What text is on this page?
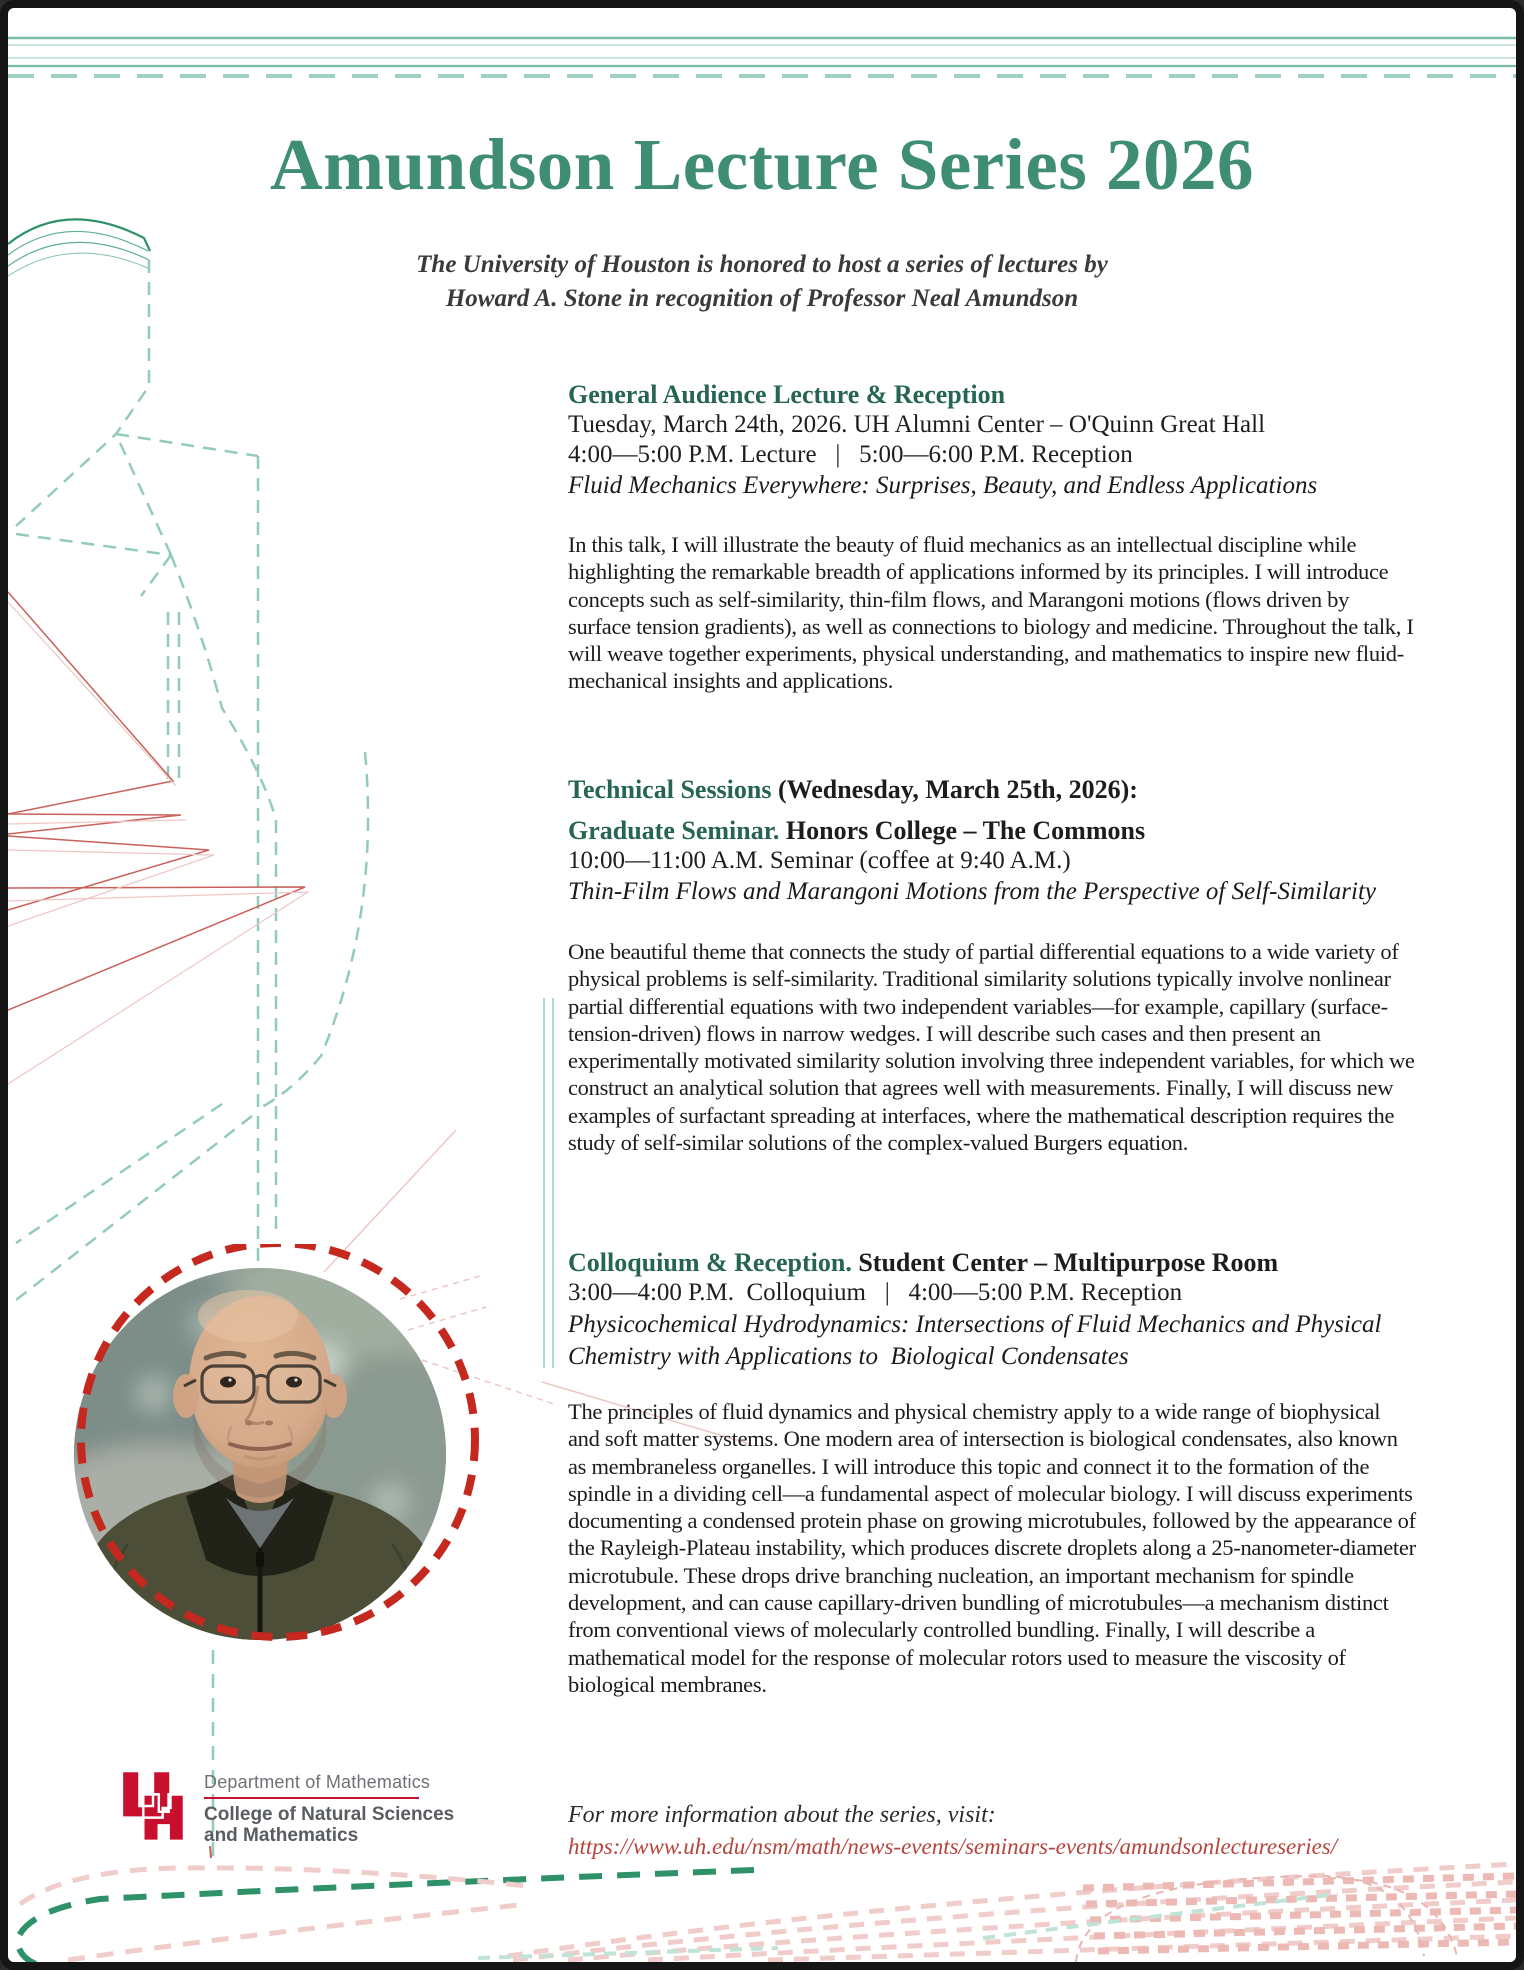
Amundson Lecture Series 2026
The University of Houston is honored to host a series of lectures by
Howard A. Stone in recognition of Professor Neal Amundson
General Audience Lecture & Reception
Tuesday, March 24th, 2026. UH Alumni Center – O'Quinn Great Hall
4:00—5:00 P.M. Lecture  |  5:00—6:00 P.M. Reception
Fluid Mechanics Everywhere: Surprises, Beauty, and Endless Applications
In this talk, I will illustrate the beauty of fluid mechanics as an intellectual discipline while highlighting the remarkable breadth of applications informed by its principles. I will introduce concepts such as self-similarity, thin-film flows, and Marangoni motions (flows driven by surface tension gradients), as well as connections to biology and medicine. Throughout the talk, I will weave together experiments, physical understanding, and mathematics to inspire new fluid-mechanical insights and applications.
Technical Sessions (Wednesday, March 25th, 2026):
Graduate Seminar. Honors College – The Commons
10:00—11:00 A.M. Seminar (coffee at 9:40 A.M.)
Thin-Film Flows and Marangoni Motions from the Perspective of Self-Similarity
One beautiful theme that connects the study of partial differential equations to a wide variety of physical problems is self-similarity. Traditional similarity solutions typically involve nonlinear partial differential equations with two independent variables—for example, capillary (surface-tension-driven) flows in narrow wedges. I will describe such cases and then present an experimentally motivated similarity solution involving three independent variables, for which we construct an analytical solution that agrees well with measurements. Finally, I will discuss new examples of surfactant spreading at interfaces, where the mathematical description requires the study of self-similar solutions of the complex-valued Burgers equation.
Colloquium & Reception. Student Center – Multipurpose Room
3:00—4:00 P.M.  Colloquium  |  4:00—5:00 P.M. Reception
Physicochemical Hydrodynamics: Intersections of Fluid Mechanics and Physical Chemistry with Applications to  Biological Condensates
The principles of fluid dynamics and physical chemistry apply to a wide range of biophysical and soft matter systems. One modern area of intersection is biological condensates, also known as membraneless organelles. I will introduce this topic and connect it to the formation of the spindle in a dividing cell—a fundamental aspect of molecular biology. I will discuss experiments documenting a condensed protein phase on growing microtubules, followed by the appearance of the Rayleigh-Plateau instability, which produces discrete droplets along a 25-nanometer-diameter microtubule. These drops drive branching nucleation, an important mechanism for spindle development, and can cause capillary-driven bundling of microtubules—a mechanism distinct from conventional views of molecularly controlled bundling. Finally, I will describe a mathematical model for the response of molecular rotors used to measure the viscosity of biological membranes.
For more information about the series, visit:
https://www.uh.edu/nsm/math/news-events/seminars-events/amundsonlectureseries/
Department of Mathematics
College of Natural Sciences
and Mathematics
